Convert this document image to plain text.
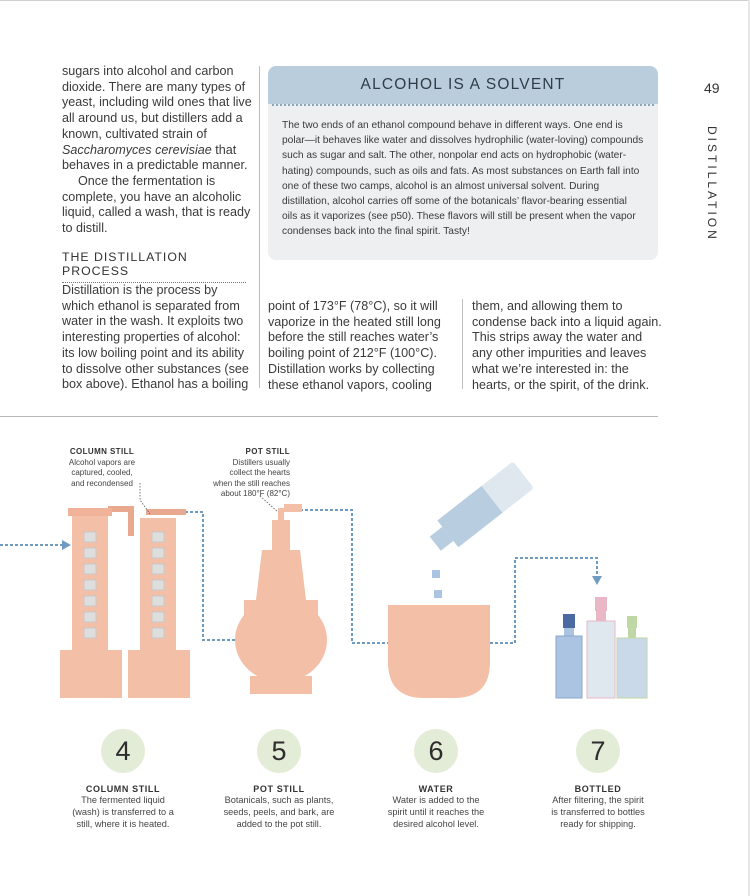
sugars into alcohol and carbon dioxide. There are many types of yeast, including wild ones that live all around us, but distillers add a known, cultivated strain of Saccharomyces cerevisiae that behaves in a predictable manner.

Once the fermentation is complete, you have an alcoholic liquid, called a wash, that is ready to distill.

THE DISTILLATION PROCESS

Distillation is the process by which ethanol is separated from water in the wash. It exploits two interesting properties of alcohol: its low boiling point and its ability to dissolve other substances (see box above). Ethanol has a boiling

point of 173°F (78°C), so it will vaporize in the heated still long before the still reaches water’s boiling point of 212°F (100°C). Distillation works by collecting these ethanol vapors, cooling

them, and allowing them to condense back into a liquid again. This strips away the water and any other impurities and leaves what we’re interested in: the hearts, or the spirit, of the drink.

ALCOHOL IS A SOLVENT
The two ends of an ethanol compound behave in different ways. One end is polar—it behaves like water and dissolves hydrophilic (water-loving) compounds such as sugar and salt. The other, nonpolar end acts on hydrophobic (water-hating) compounds, such as oils and fats. As most substances on Earth fall into one of these two camps, alcohol is an almost universal solvent. During distillation, alcohol carries off some of the botanicals’ flavor-bearing essential oils as it vaporizes (see p50). These flavors will still be present when the vapor condenses back into the final spirit. Tasty!
49
DISTILLATION
COLUMN STILL
Alcohol vapors are
captured, cooled,
and recondensed
POT STILL
Distillers usually
collect the hearts
when the still reaches
about 180°F (82°C)
4	5	6	7
COLUMN STILL	POT STILL	WATER	BOTTLED
The fermented liquid
(wash) is transferred to a
still, where it is heated.
Botanicals, such as plants,
seeds, peels, and bark, are
added to the pot still.
Water is added to the
spirit until it reaches the
desired alcohol level.
After filtering, the spirit
is transferred to bottles
ready for shipping.
